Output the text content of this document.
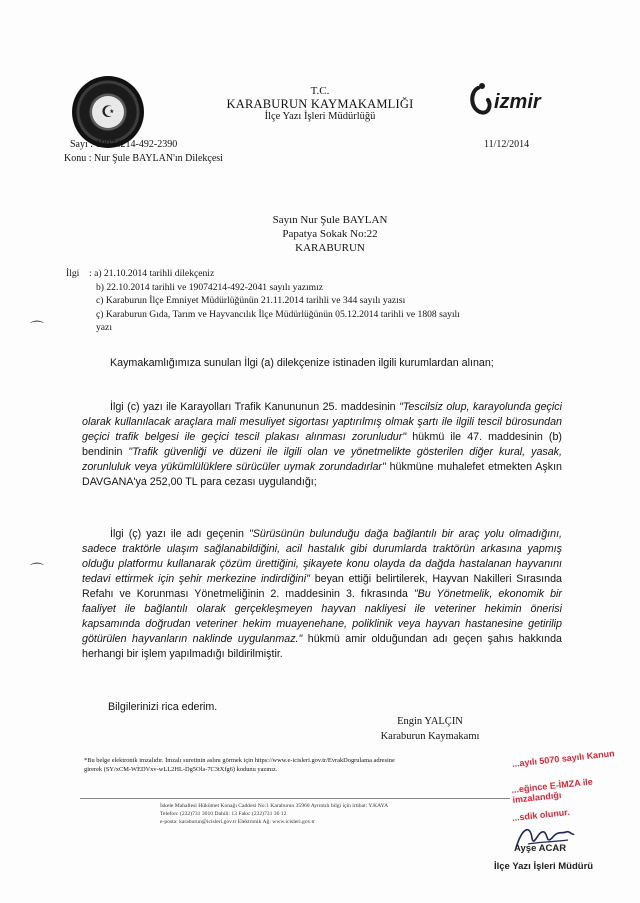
☪	izmir
T.C.
KARABURUN KAYMAKAMLIĞI
İlçe Yazı İşleri Müdürlüğü
Sayı : 19074214-492-2390
Konu : Nur Şule BAYLAN'ın Dilekçesi
11/12/2014
Sayın Nur Şule BAYLAN
Papatya Sokak No:22
KARABURUN
⌒
⌒
İlgi : a) 21.10.2014 tarihli dilekçeniz
b) 22.10.2014 tarihli ve 19074214-492-2041 sayılı yazımız
c) Karaburun İlçe Emniyet Müdürlüğünün 21.11.2014 tarihli ve 344 sayılı yazısı
ç) Karaburun Gıda, Tarım ve Hayvancılık İlçe Müdürlüğünün 05.12.2014 tarihli ve 1808 sayılı
yazı
Kaymakamlığımıza sunulan İlgi (a) dilekçenize istinaden ilgili kurumlardan alınan;
İlgi (c) yazı ile Karayolları Trafik Kanununun 25. maddesinin "Tescilsiz olup, karayolunda geçici olarak kullanılacak araçlara mali mesuliyet sigortası yaptırılmış olmak şartı ile ilgili tescil bürosundan geçici trafik belgesi ile geçici tescil plakası alınması zorunludur" hükmü ile 47. maddesinin (b) bendinin "Trafik güvenliği ve düzeni ile ilgili olan ve yönetmelikte gösterilen diğer kural, yasak, zorunluluk veya yükümlülüklere sürücüler uymak zorundadırlar" hükmüne muhalefet etmekten Aşkın DAVGANA'ya 252,00 TL para cezası uygulandığı;
İlgi (ç) yazı ile adı geçenin "Sürüsünün bulunduğu dağa bağlantılı bir araç yolu olmadığını, sadece traktörle ulaşım sağlanabildiğini, acil hastalık gibi durumlarda traktörün arkasına yapmış olduğu platformu kullanarak çözüm ürettiğini, şikayete konu olayda da dağda hastalanan hayvanını tedavi ettirmek için şehir merkezine indirdiğini" beyan ettiği belirtilerek, Hayvan Nakilleri Sırasında Refahı ve Korunması Yönetmeliğinin 2. maddesinin 3. fıkrasında "Bu Yönetmelik, ekonomik bir faaliyet ile bağlantılı olarak gerçekleşmeyen hayvan nakliyesi ile veteriner hekimin önerisi kapsamında doğrudan veteriner hekim muayenehane, poliklinik veya hayvan hastanesine getirilip götürülen hayvanların naklinde uygulanmaz." hükmü amir olduğundan adı geçen şahıs hakkında herhangi bir işlem yapılmadığı bildirilmiştir.
Bilgilerinizi rica ederim.
Engin YALÇIN
Karaburun Kaymakamı
*Bu belge elektronik imzalıdır. İmzalı suretinin aslını görmek için https://www.e-icisleri.gov.tr/EvrakDogrulama adresine
girerek (SY/xCM-WEDVxv-wLL2HL-Dg5Ola-7C3tXfg6) kodunu yazınız.
İskele Mahallesi Hükümet Konağı Caddesi No:1 Karaburun 35960 Ayrıntılı bilgi için irtibat: Y.KAYA
Telefon: (232)731 3010 Dahili: 13 Faks: (232)731 36 12
e-posta: karaburun@icisleri.gov.tr Elektronik Ağ: www.icisleri.gov.tr
...ayılı 5070 sayılı Kanun
...eğince E-İMZA ile imzalandığı
...sdik olunur.
Ayşe ACAR
İlçe Yazı İşleri Müdürü
